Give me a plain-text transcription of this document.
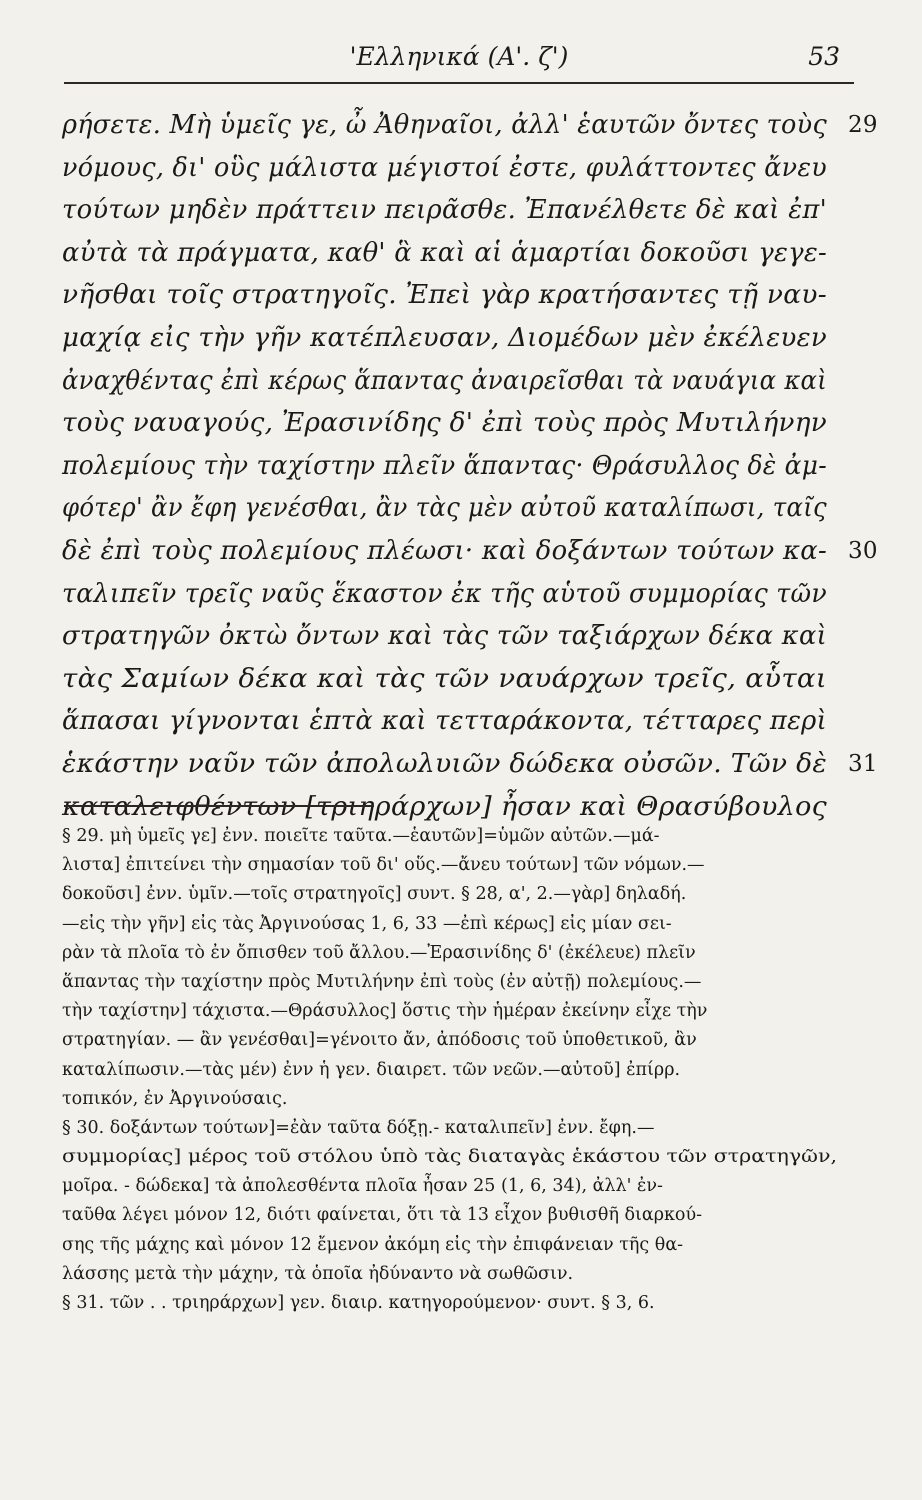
'Ελληνικά (Α'. ζ')	53
ρήσετε. Μὴ ὑμεῖς γε, ὦ Ἀθηναῖοι, ἀλλ' ἑαυτῶν ὄντες τοὺς 29
νόμους, δι' οὓς μάλιστα μέγιστοί ἐστε, φυλάττοντες ἄνευ
τούτων μηδὲν πράττειν πειρᾶσθε. Ἐπανέλθετε δὲ καὶ ἐπ'
αὐτὰ τὰ πράγματα, καθ' ἃ καὶ αἱ ἁμαρτίαι δοκοῦσι γεγε-
νῆσθαι τοῖς στρατηγοῖς. Ἐπεὶ γὰρ κρατήσαντες τῇ ναυ-
μαχίᾳ εἰς τὴν γῆν κατέπλευσαν, Διομέδων μὲν ἐκέλευεν
ἀναχθέντας ἐπὶ κέρως ἅπαντας ἀναιρεῖσθαι τὰ ναυάγια καὶ
τοὺς ναυαγούς, Ἐρασινίδης δ' ἐπὶ τοὺς πρὸς Μυτιλήνην
πολεμίους τὴν ταχίστην πλεῖν ἅπαντας· Θράσυλλος δὲ ἀμ-
φότερ' ἂν ἔφη γενέσθαι, ἂν τὰς μὲν αὐτοῦ καταλίπωσι, ταῖς
δὲ ἐπὶ τοὺς πολεμίους πλέωσι· καὶ δοξάντων τούτων κα- 30
ταλιπεῖν τρεῖς ναῦς ἕκαστον ἐκ τῆς αὑτοῦ συμμορίας τῶν
στρατηγῶν ὀκτὼ ὄντων καὶ τὰς τῶν ταξιάρχων δέκα καὶ
τὰς Σαμίων δέκα καὶ τὰς τῶν ναυάρχων τρεῖς, αὗται
ἅπασαι γίγνονται ἑπτὰ καὶ τετταράκοντα, τέτταρες περὶ
ἑκάστην ναῦν τῶν ἀπολωλυιῶν δώδεκα οὐσῶν. Τῶν δὲ 31
καταλειφθέντων [τριηράρχων] ἦσαν καὶ Θρασύβουλος
§ 29. μὴ ὑμεῖς γε] ἐνν. ποιεῖτε ταῦτα.—ἑαυτῶν]=ὑμῶν αὐτῶν.—μά-
λιστα] ἐπιτείνει τὴν σημασίαν τοῦ δι' οὕς.—ἄνευ τούτων] τῶν νόμων.—
δοκοῦσι] ἐνν. ὑμῖν.—τοῖς στρατηγοῖς] συντ. § 28, α', 2.—γὰρ] δηλαδή.
—εἰς τὴν γῆν] εἰς τὰς Ἀργινούσας 1, 6, 33 —ἐπὶ κέρως] εἰς μίαν σει-
ρὰν τὰ πλοῖα τὸ ἐν ὄπισθεν τοῦ ἄλλου.—Ἐρασινίδης δ' (ἐκέλευε) πλεῖν
ἅπαντας τὴν ταχίστην πρὸς Μυτιλήνην ἐπὶ τοὺς (ἐν αὐτῇ) πολεμίους.—
τὴν ταχίστην] τάχιστα.—Θράσυλλος] ὅστις τὴν ἡμέραν ἐκείνην εἶχε τὴν
στρατηγίαν. — ἂν γενέσθαι]=γένοιτο ἄν, ἀπόδοσις τοῦ ὑποθετικοῦ, ἂν
καταλίπωσιν.—τὰς μέν) ἐνν ἡ γεν. διαιρετ. τῶν νεῶν.—αὐτοῦ] ἐπίρρ.
τοπικόν, ἐν Ἀργινούσαις.
§ 30. δοξάντων τούτων]=ἐὰν ταῦτα δόξῃ.- καταλιπεῖν] ἐνν. ἔφη.—
συμμορίας] μέρος τοῦ στόλου ὑπὸ τὰς διαταγὰς ἑκάστου τῶν στρατηγῶν,
μοῖρα. - δώδεκα] τὰ ἀπολεσθέντα πλοῖα ἦσαν 25 (1, 6, 34), ἀλλ' ἐν-
ταῦθα λέγει μόνον 12, διότι φαίνεται, ὅτι τὰ 13 εἶχον βυθισθῆ διαρκού-
σης τῆς μάχης καὶ μόνον 12 ἔμενον ἀκόμη εἰς τὴν ἐπιφάνειαν τῆς θα-
λάσσης μετὰ τὴν μάχην, τὰ ὁποῖα ἠδύναντο νὰ σωθῶσιν.
§ 31. τῶν . . τριηράρχων] γεν. διαιρ. κατηγορούμενον· συντ. § 3, 6.
